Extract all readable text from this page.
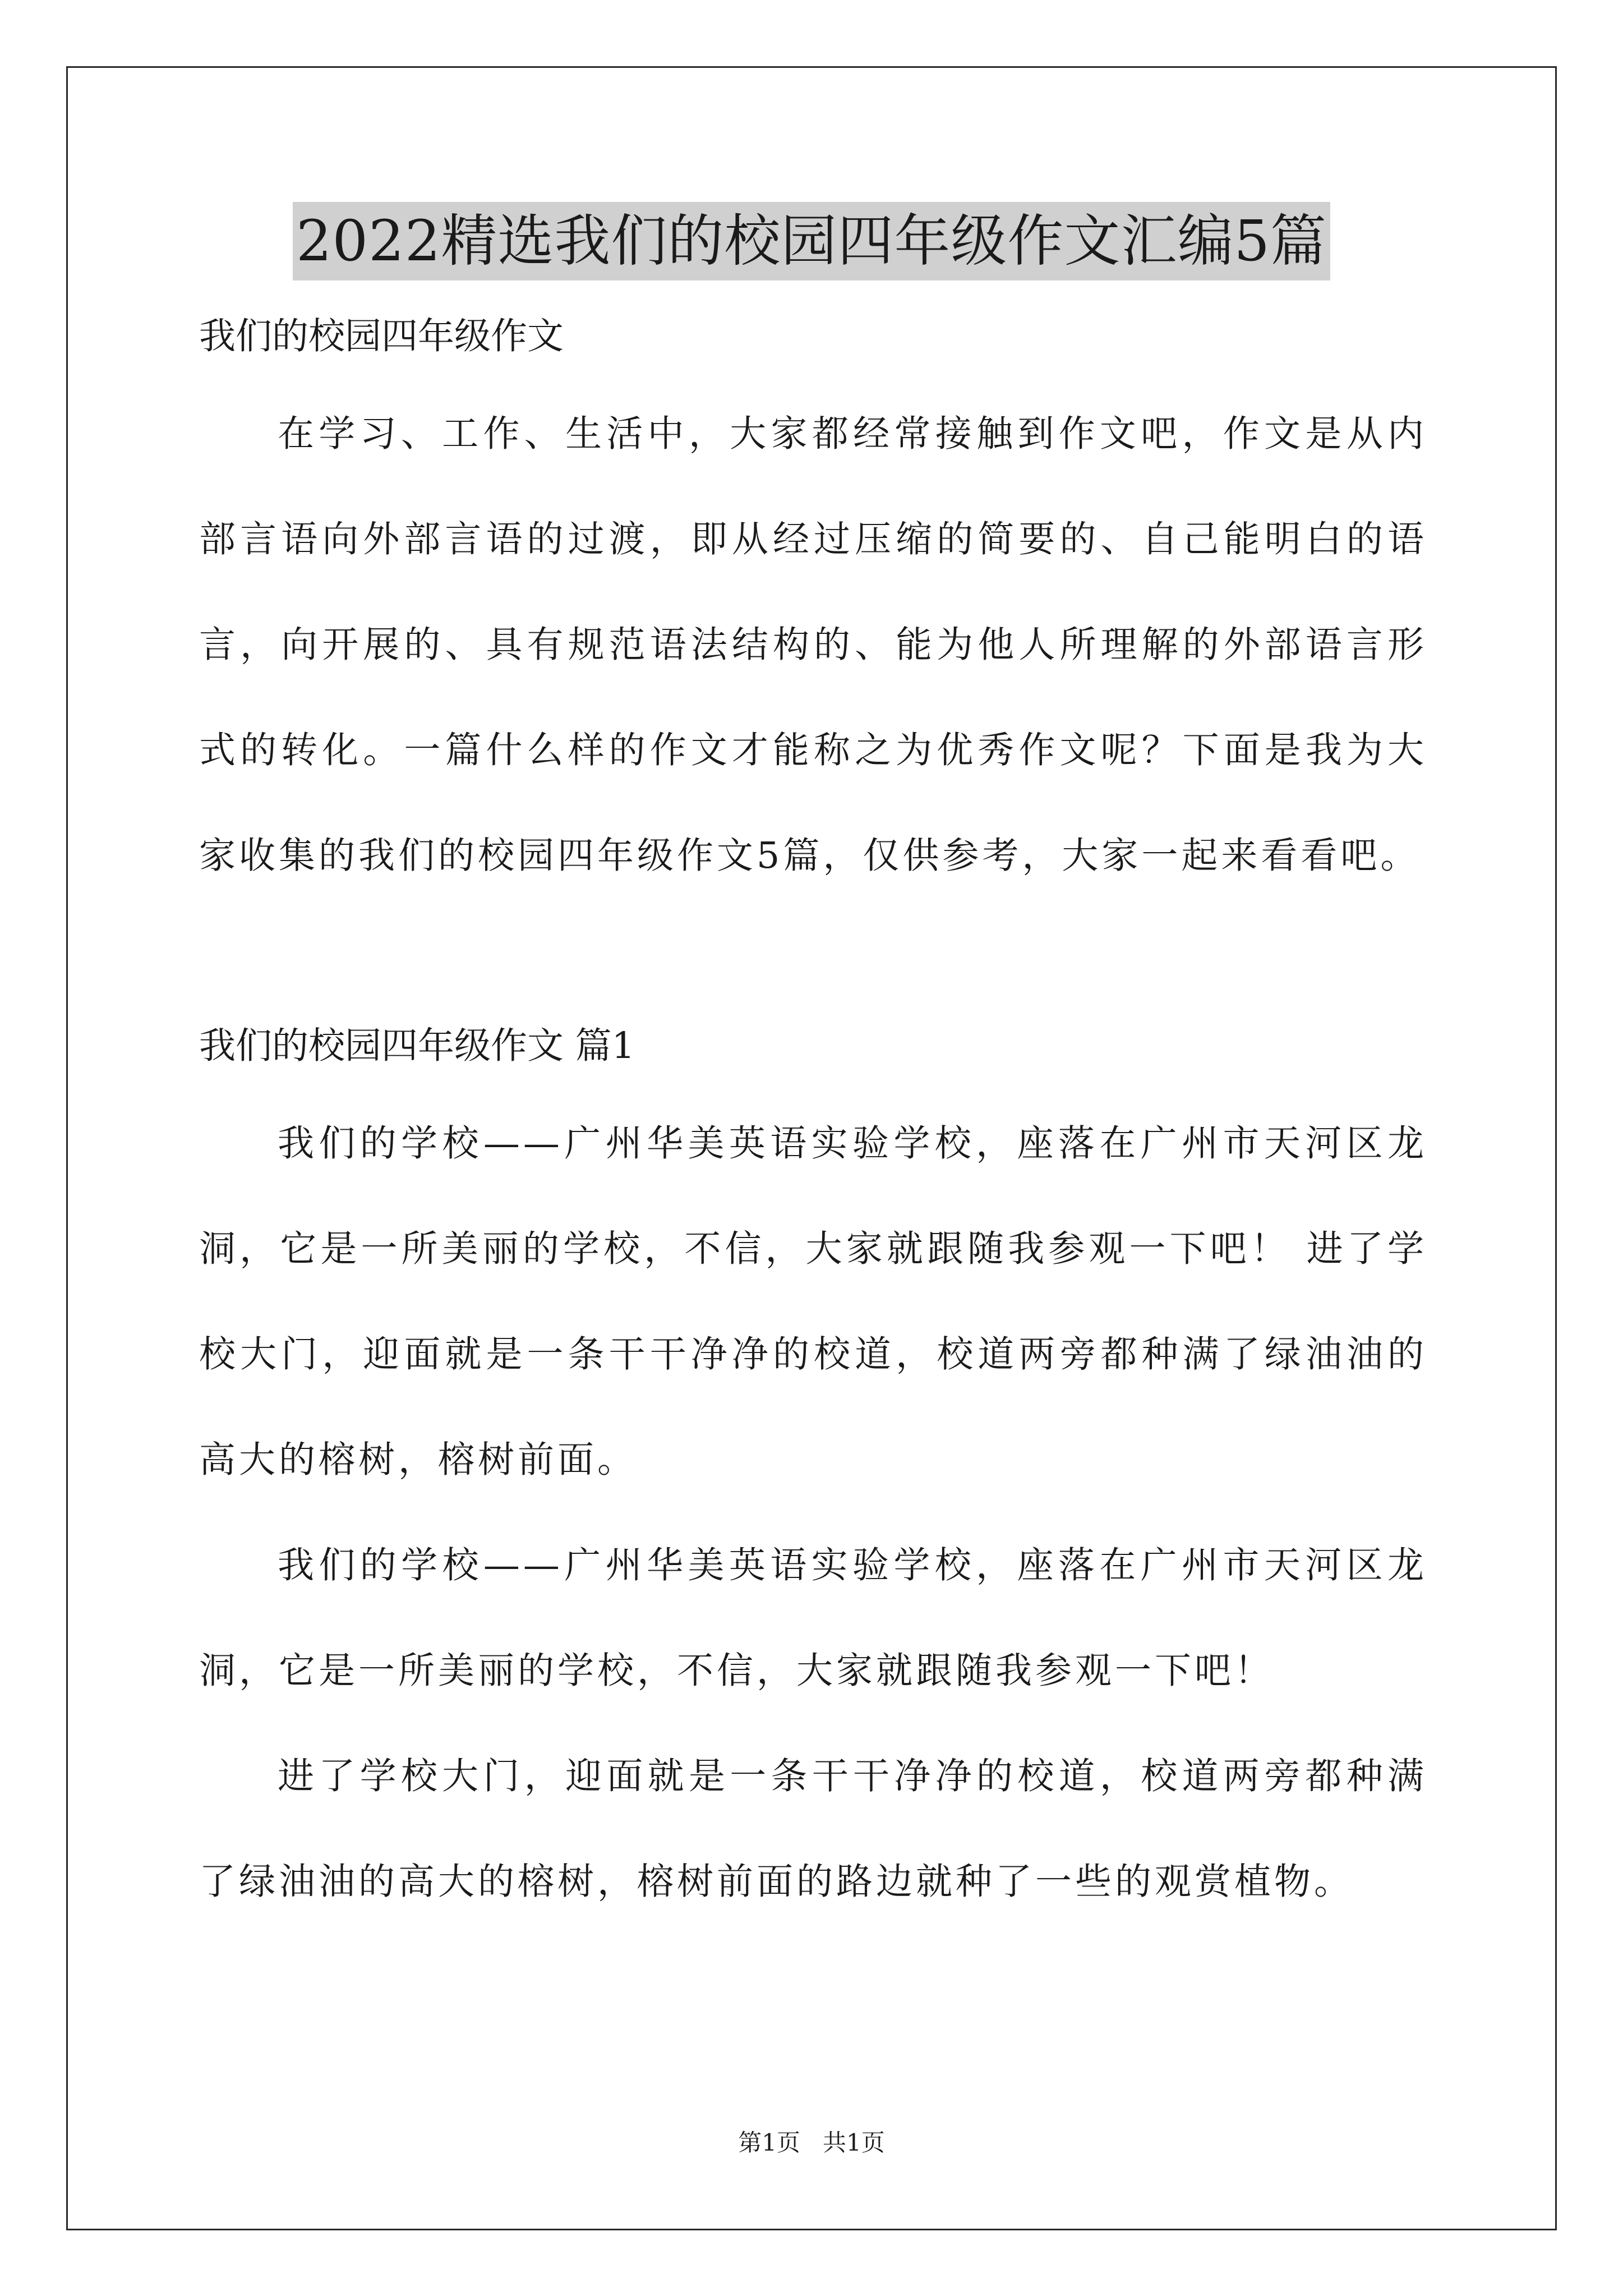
2022精选我们的校园四年级作文汇编5篇

我们的校园四年级作文

在学习、工作、生活中，大家都经常接触到作文吧，作文是从内部言语向外部言语的过渡，即从经过压缩的简要的、自己能明白的语言，向开展的、具有规范语法结构的、能为他人所理解的外部语言形式的转化。一篇什么样的作文才能称之为优秀作文呢？下面是我为大家收集的我们的校园四年级作文5篇，仅供参考，大家一起来看看吧。

我们的校园四年级作文 篇1

我们的学校——广州华美英语实验学校，座落在广州市天河区龙洞，它是一所美丽的学校，不信，大家就跟随我参观一下吧！ 进了学校大门，迎面就是一条干干净净的校道，校道两旁都种满了绿油油的高大的榕树，榕树前面。

我们的学校——广州华美英语实验学校，座落在广州市天河区龙洞，它是一所美丽的学校，不信，大家就跟随我参观一下吧！

进了学校大门，迎面就是一条干干净净的校道，校道两旁都种满了绿油油的高大的榕树，榕树前面的路边就种了一些的观赏植物。

第1页   共1页
